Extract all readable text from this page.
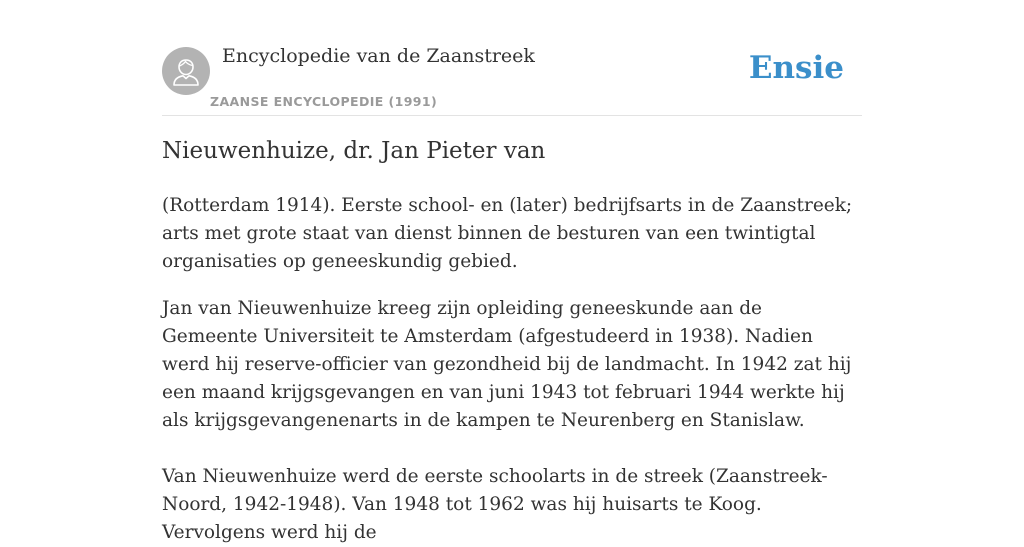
Encyclopedie van de Zaanstreek
ZAANSE ENCYCLOPEDIE (1991)
Ensie
Nieuwenhuize, dr. Jan Pieter van

(Rotterdam 1914). Eerste school- en (later) bedrijfsarts in de Zaanstreek; arts met grote staat van dienst binnen de besturen van een twintigtal organisaties op geneeskundig gebied.

Jan van Nieuwenhuize kreeg zijn opleiding geneeskunde aan de Gemeente Universiteit te Amsterdam (afgestudeerd in 1938). Nadien werd hij reserve-officier van gezondheid bij de landmacht. In 1942 zat hij een maand krijgsgevangen en van juni 1943 tot februari 1944 werkte hij als krijgsgevangenenarts in de kampen te Neurenberg en Stanislaw.

Van Nieuwenhuize werd de eerste schoolarts in de streek (Zaanstreek-Noord, 1942-1948). Van 1948 tot 1962 was hij huisarts te Koog. Vervolgens werd hij de
